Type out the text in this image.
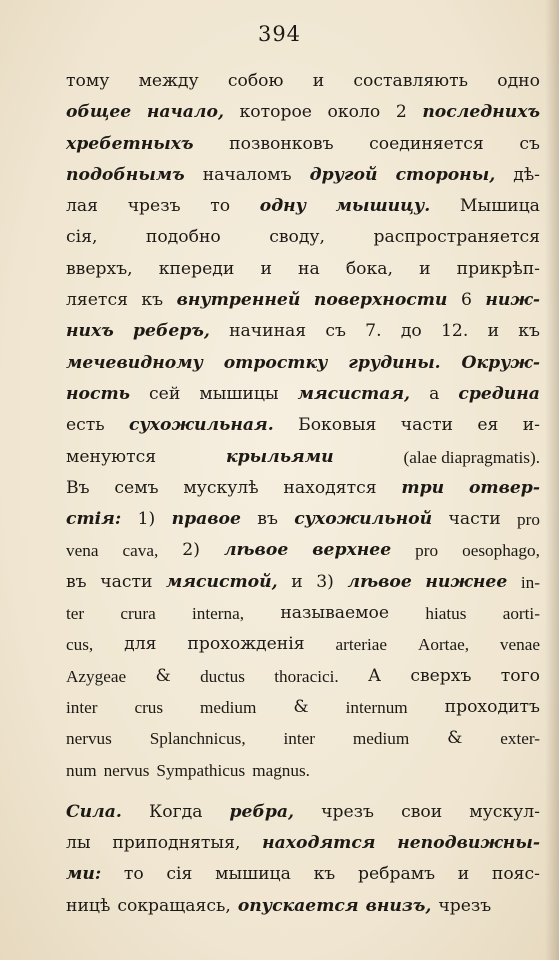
394
тому между собою и составляють одно
общее начало, которое около 2 последнихъ
хребетныхъ позвонковъ соединяется съ
подобнымъ началомъ другой стороны, дѣ-
лая чрезъ то одну мышицу. Мышица
сія,	подобно	своду,	распространяется
вверхъ, кпереди и на бока, и прикрѣп-
ляется къ внутренней поверхности 6 ниж-
нихъ реберъ, начиная съ 7. до 12. и къ
мечевидному отростку грудины. Окруж-
ность сей мышицы мясистая, а средина
есть сухожильная. Боковыя части ея и-
менуются	крыльями	(alae diapragmatis).
Въ семъ мускулѣ находятся три отвер-
стія: 1) правое въ сухожильной части pro
vena cava, 2) лѣвое верхнее pro oesophago,
въ части мясистой, и 3) лѣвое нижнее in-
ter crura interna, называемое hiatus aorti-
cus, для прохожденія arteriae Aortae, venae
Azygeae & ductus thoracici. А сверхъ того
inter crus medium & internum проходитъ
nervus Splanchnicus, inter medium & exter-
num nervus Sympathicus magnus.
Сила. Когда ребра, чрезъ свои мускул-
лы приподнятыя, находятся неподвижны-
ми: то сія мышица къ ребрамъ и пояс-
ницѣ сокращаясь, опускается внизъ, чрезъ
